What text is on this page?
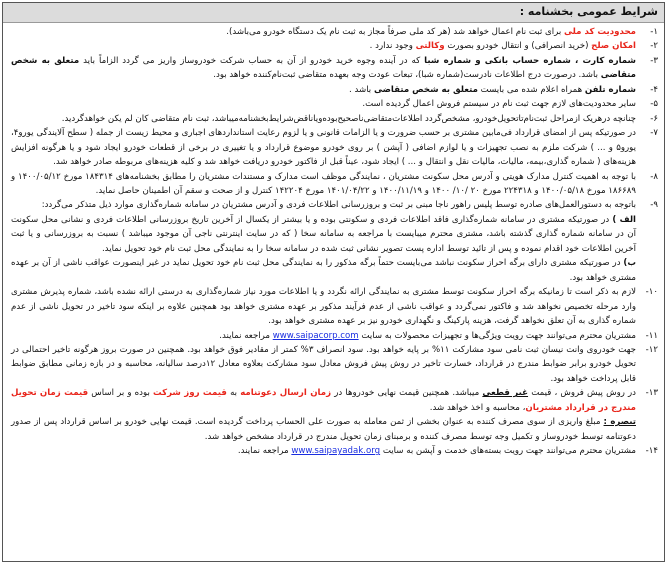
شرایط عمومی بخشنامه :

۱-
محدودیت کد ملی برای ثبت نام اعمال خواهد شد (هر کد ملی صرفاً مجاز به ثبت نام یک دستگاه خودرو می‌باشد).

۲-
امکان صلح (خرید انصرافی) و انتقال خودرو بصورت وکالتی وجود ندارد .

۳-
شماره کارت ، شماره حساب بانکی و شماره شبا که در آینده وجوه خرید خودرو از آن به حساب شرکت خودروساز واریز می گردد الزاماً باید متعلق به شخص متقاضی باشد. درصورت درج اطلاعات نادرست(شماره شبا)، تبعات عودت وجه بعهده متقاضی ثبت‌نام‌کننده خواهد بود.

۴-
شماره تلفن همراه اعلام شده می بایست متعلق به شخص متقاضی باشد .

۵-
سایر محدودیت‌های لازم جهت ثبت نام در سیستم فروش اعمال گردیده است.

۶-
چنانچه درهریک ازمراحل ثبت‌نام‌تاتحویل‌خودرو، مشخص‌گردد اطلاعات‌متقاضی‌ناصحیح‌بوده‌ویاناقض‌شرایط‌بخشنامه‌میباشد، ثبت نام متقاضی کان لم یکن خواهدگردید.

۷-
در صورتیکه پس از امضای قرارداد فی‌مابین مشتری بر حسب ضرورت و یا الزامات قانونی و یا لزوم رعایت استانداردهای اجباری و محیط زیست از جمله ( سطح آلایندگی یورو۴، یورو۵ و ... ) شرکت ملزم به نصب تجهیزات و یا لوازم اضافی ( آپشن ) بر روی خودرو موضوع قرارداد و یا تغییری در برخی از قطعات خودرو ایجاد شود و یا هرگونه افزایش هزینه‌های ( شماره گذاری،بیمه، مالیات، مالیات نقل و انتقال و ... ) ایجاد شود، عیناً قبل از فاکتور خودرو دریافت خواهد شد و کلیه هزینه‌های مربوطه صادر خواهد شد.

۸-
با توجه به اهمیت کنترل مدارک هویتی و آدرس محل سکونت مشتریان ، نمایندگی موظف است مدارک و مستندات مشتریان را مطابق بخشنامه‌های ۱۸۴۳۱۴ مورخ ۱۴۰۰/۰۵/۱۲ و ۱۸۶۶۸۹ مورخ ۱۴۰۰/۰۵/۱۸ و ۲۲۴۳۱۸ مورخ ۲۰ /۱۰/ ۱۴۰۰ و ۱۴۰۰/۱۱/۱۹ و ۱۴۰۱/۰۴/۲۲ مورخ ۱۴۲۲۰۴ کنترل و از صحت و سقم آن اطمینان حاصل نماید.

۹-

باتوجه به دستورالعمل‌های صادره توسط پلیس راهور ناجا مبنی بر ثبت و بروزرسانی اطلاعات فردی و آدرس مشتریان در سامانه شماره‌گذاری موارد ذیل متذکر می‌گردد:

الف ) در صورتیکه مشتری در سامانه شماره‌گذاری فاقد اطلاعات فردی و سکونتی بوده و یا بیشتر از یکسال از آخرین تاریخ بروزرسانی اطلاعات فردی و نشانی محل سکونت آن در سامانه شماره گذاری گذشته باشد، مشتری محترم میبایست با مراجعه به سامانه سخا ( که در سایت اینترنتی ناجی آن موجود میباشد ) نسبت به بروزرسانی و یا ثبت آخرین اطلاعات خود اقدام نموده و پس از تائید توسط اداره پست تصویر نشانی ثبت شده در سامانه سخا را به نمایندگی محل ثبت نام خود تحویل نماید.

ب) در صورتیکه مشتری دارای برگه احراز سکونت نباشد می‌بایست حتماً برگه مذکور را به نمایندگی محل ثبت نام خود تحویل نماید در غیر اینصورت عواقب ناشی از آن بر عهده مشتری خواهد بود.

۱۰-
لازم به ذکر است تا زمانیکه برگه احراز سکونت توسط مشتری به نمایندگی ارائه نگردد و یا اطلاعات مورد نیاز شماره‌گذاری به درستی ارائه نشده باشد، شماره پذیرش مشتری وارد مرحله تخصیص نخواهد شد و فاکتور نمی‌گردد و عواقب ناشی از عدم فرآیند مذکور بر عهده مشتری خواهد بود همچنین علاوه بر اینکه سود تاخیر در تحویل ناشی از عدم شماره گذاری به آن تعلق نخواهد گرفت، هزینه پارکینگ و نگهداری خودرو نیز بر عهده مشتری خواهد بود.

۱۱-
مشتریان محترم می‌توانند جهت رویت ویژگی‌ها و تجهیزات محصولات به سایت www.saipacorp.com مراجعه نمایند.

۱۲-
جهت خودروی وانت نیسان ثبت نامی سود مشارکت ۱۱% بر پایه خواهد بود. سود انصراف ۳% کمتر از مقادیر فوق خواهد بود. همچنین در صورت بروز هرگونه تاخیر احتمالی در تحویل خودرو برابر ضوابط مندرج در قرارداد، خسارت تاخیر در روش پیش فروش معادل سود مشارکت بعلاوه معادل ۱۲درصد سالیانه، محاسبه و در بازه زمانی مطابق ضوابط قابل پرداخت خواهد بود.

۱۳-

در روش پیش فروش ، قیمت غیر قطعی میباشد. همچنین قیمت نهایی خودروها در زمان ارسال دعوتنامه به قیمت روز شرکت بوده و بر اساس قیمت زمان تحویل مندرج در قرارداد مشتریان، محاسبه و اخذ خواهد شد.

تبصره : مبلغ واریزی از سوی مصرف کننده به عنوان بخشی از ثمن معامله به صورت علی الحساب پرداخت گردیده است. قیمت نهایی خودرو بر اساس قرارداد پس از صدور دعوتنامه توسط خودروساز و تکمیل وجه توسط مصرف کننده و برمبنای زمان تحویل مندرج در قرارداد مشخص خواهد شد.

۱۴-
مشتریان محترم می‌توانند جهت رویت بسته‌های خدمت و آپشن به سایت www.saipayadak.org مراجعه نمایند.
